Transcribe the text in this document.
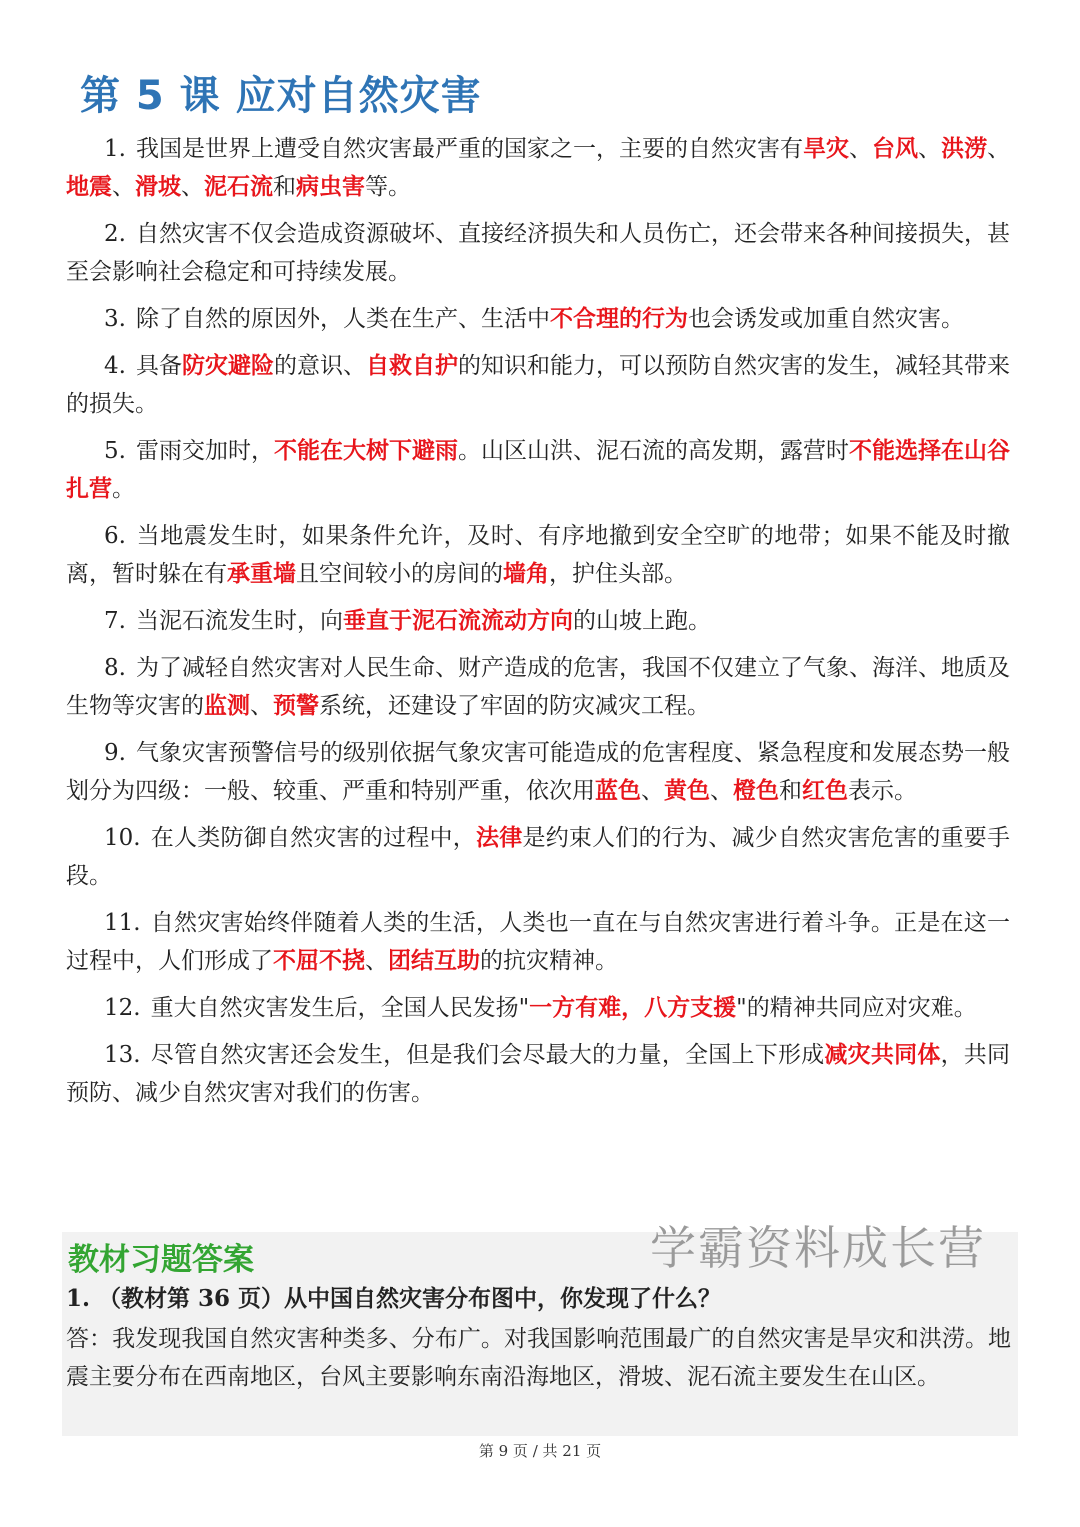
第 5 课 应对自然灾害

1. 我国是世界上遭受自然灾害最严重的国家之一，主要的自然灾害有旱灾、台风、洪涝、地震、滑坡、泥石流和病虫害等。

2. 自然灾害不仅会造成资源破坏、直接经济损失和人员伤亡，还会带来各种间接损失，甚至会影响社会稳定和可持续发展。

3. 除了自然的原因外，人类在生产、生活中不合理的行为也会诱发或加重自然灾害。

4. 具备防灾避险的意识、自救自护的知识和能力，可以预防自然灾害的发生，减轻其带来的损失。

5. 雷雨交加时，不能在大树下避雨。山区山洪、泥石流的高发期，露营时不能选择在山谷扎营。

6. 当地震发生时，如果条件允许，及时、有序地撤到安全空旷的地带；如果不能及时撤离，暂时躲在有承重墙且空间较小的房间的墙角，护住头部。

7. 当泥石流发生时，向垂直于泥石流流动方向的山坡上跑。

8. 为了减轻自然灾害对人民生命、财产造成的危害，我国不仅建立了气象、海洋、地质及生物等灾害的监测、预警系统，还建设了牢固的防灾减灾工程。

9. 气象灾害预警信号的级别依据气象灾害可能造成的危害程度、紧急程度和发展态势一般划分为四级：一般、较重、严重和特别严重，依次用蓝色、黄色、橙色和红色表示。

10. 在人类防御自然灾害的过程中，法律是约束人们的行为、减少自然灾害危害的重要手段。

11. 自然灾害始终伴随着人类的生活，人类也一直在与自然灾害进行着斗争。正是在这一过程中，人们形成了不屈不挠、团结互助的抗灾精神。

12. 重大自然灾害发生后，全国人民发扬"一方有难，八方支援"的精神共同应对灾难。

13. 尽管自然灾害还会发生，但是我们会尽最大的力量，全国上下形成减灾共同体，共同预防、减少自然灾害对我们的伤害。

教材习题答案	学霸资料成长营

1. （教材第 36 页）从中国自然灾害分布图中，你发现了什么？

答：我发现我国自然灾害种类多、分布广。对我国影响范围最广的自然灾害是旱灾和洪涝。地震主要分布在西南地区，台风主要影响东南沿海地区，滑坡、泥石流主要发生在山区。

第 9 页 / 共 21 页
